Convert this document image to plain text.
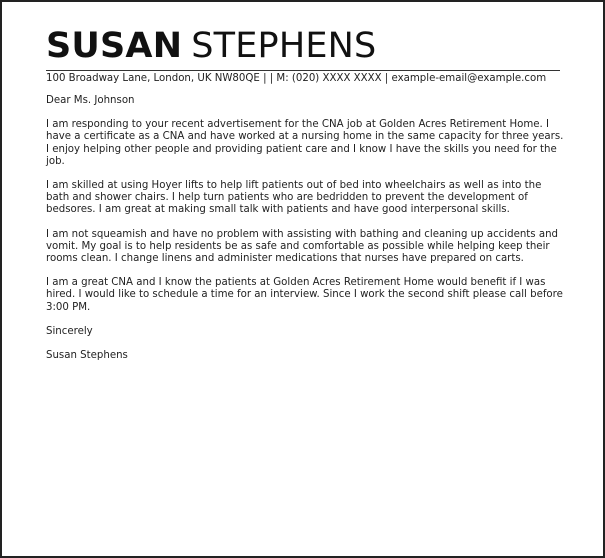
SUSAN STEPHENS
100 Broadway Lane, London, UK NW80QE | | M: (020) XXXX XXXX | example-email@example.com

Dear Ms. Johnson

I am responding to your recent advertisement for the CNA job at Golden Acres Retirement Home. I have a certificate as a CNA and have worked at a nursing home in the same capacity for three years. I enjoy helping other people and providing patient care and I know I have the skills you need for the job.

I am skilled at using Hoyer lifts to help lift patients out of bed into wheelchairs as well as into the bath and shower chairs. I help turn patients who are bedridden to prevent the development of bedsores. I am great at making small talk with patients and have good interpersonal skills.

I am not squeamish and have no problem with assisting with bathing and cleaning up accidents and vomit. My goal is to help residents be as safe and comfortable as possible while helping keep their rooms clean. I change linens and administer medications that nurses have prepared on carts.

I am a great CNA and I know the patients at Golden Acres Retirement Home would benefit if I was hired. I would like to schedule a time for an interview. Since I work the second shift please call before 3:00 PM.

Sincerely

Susan Stephens
